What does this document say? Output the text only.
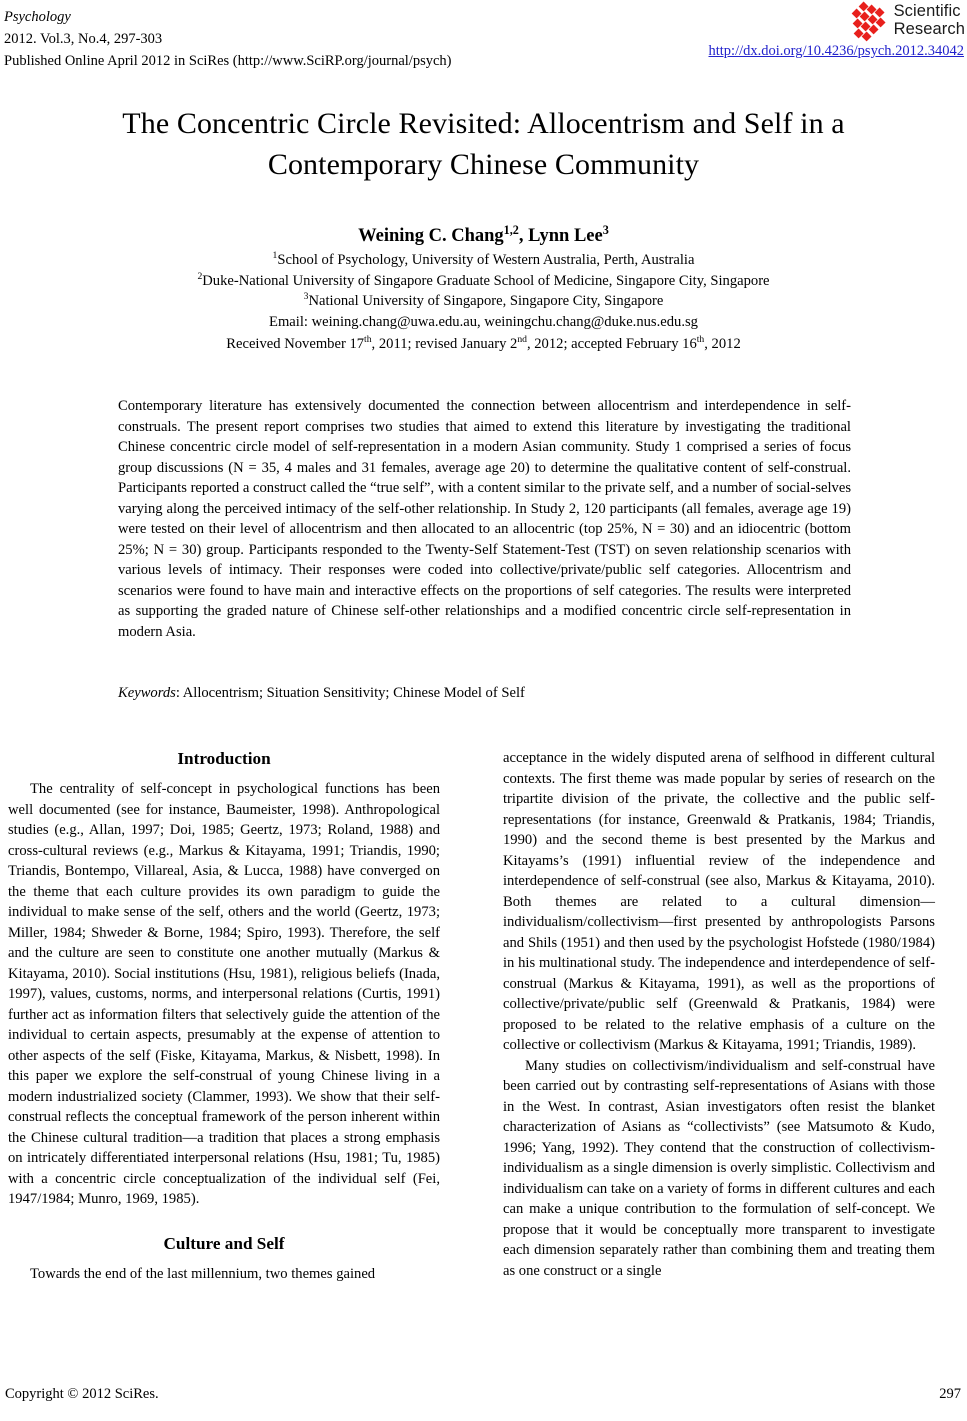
Psychology
2012. Vol.3, No.4, 297-303
Published Online April 2012 in SciRes (http://www.SciRP.org/journal/psych)
Scientific
Research
http://dx.doi.org/10.4236/psych.2012.34042
The Concentric Circle Revisited: Allocentrism and Self in a Contemporary Chinese Community
Weining C. Chang$^{1,2}$, Lynn Lee$^3$
$^1$School of Psychology, University of Western Australia, Perth, Australia
$^2$Duke-National University of Singapore Graduate School of Medicine, Singapore City, Singapore
$^3$National University of Singapore, Singapore City, Singapore
Email: weining.chang@uwa.edu.au, weiningchu.chang@duke.nus.edu.sg
Received November 17th, 2011; revised January 2nd, 2012; accepted February 16th, 2012
Contemporary literature has extensively documented the connection between allocentrism and interdependence in self-construals. The present report comprises two studies that aimed to extend this literature by investigating the traditional Chinese concentric circle model of self-representation in a modern Asian community. Study 1 comprised a series of focus group discussions (N = 35, 4 males and 31 females, average age 20) to determine the qualitative content of self-construal. Participants reported a construct called the “true self”, with a content similar to the private self, and a number of social-selves varying along the perceived intimacy of the self-other relationship. In Study 2, 120 participants (all females, average age 19) were tested on their level of allocentrism and then allocated to an allocentric (top 25%, N = 30) and an idiocentric (bottom 25%; N = 30) group. Participants responded to the Twenty-Self Statement-Test (TST) on seven relationship scenarios with various levels of intimacy. Their responses were coded into collective/private/public self categories. Allocentrism and scenarios were found to have main and interactive effects on the proportions of self categories. The results were interpreted as supporting the graded nature of Chinese self-other relationships and a modified concentric circle self-representation in modern Asia.
Keywords: Allocentrism; Situation Sensitivity; Chinese Model of Self
Introduction

The centrality of self-concept in psychological functions has been well documented (see for instance, Baumeister, 1998). Anthropological studies (e.g., Allan, 1997; Doi, 1985; Geertz, 1973; Roland, 1988) and cross-cultural reviews (e.g., Markus & Kitayama, 1991; Triandis, 1990; Triandis, Bontempo, Villareal, Asia, & Lucca, 1988) have converged on the theme that each culture provides its own paradigm to guide the individual to make sense of the self, others and the world (Geertz, 1973; Miller, 1984; Shweder & Borne, 1984; Spiro, 1993). Therefore, the self and the culture are seen to constitute one another mutually (Markus & Kitayama, 2010). Social institutions (Hsu, 1981), religious beliefs (Inada, 1997), values, customs, norms, and interpersonal relations (Curtis, 1991) further act as information filters that selectively guide the attention of the individual to certain aspects, presumably at the expense of attention to other aspects of the self (Fiske, Kitayama, Markus, & Nisbett, 1998). In this paper we explore the self-construal of young Chinese living in a modern industrialized society (Clammer, 1993). We show that their self-construal reflects the conceptual framework of the person inherent within the Chinese cultural tradition—a tradition that places a strong emphasis on intricately differentiated interpersonal relations (Hsu, 1981; Tu, 1985) with a concentric circle conceptualization of the individual self (Fei, 1947/1984; Munro, 1969, 1985).

Culture and Self

Towards the end of the last millennium, two themes gained

acceptance in the widely disputed arena of selfhood in different cultural contexts. The first theme was made popular by series of research on the tripartite division of the private, the collective and the public self-representations (for instance, Greenwald & Pratkanis, 1984; Triandis, 1990) and the second theme is best presented by the Markus and Kitayams’s (1991) influential review of the independence and interdependence of self-construal (see also, Markus & Kitayama, 2010). Both themes are related to a cultural dimension—individualism/collectivism—first presented by anthropologists Parsons and Shils (1951) and then used by the psychologist Hofstede (1980/1984) in his multinational study. The independence and interdependence of self-construal (Markus & Kitayama, 1991), as well as the proportions of collective/private/public self (Greenwald & Pratkanis, 1984) were proposed to be related to the relative emphasis of a culture on the collective or collectivism (Markus & Kitayama, 1991; Triandis, 1989).

Many studies on collectivism/individualism and self-construal have been carried out by contrasting self-representations of Asians with those in the West. In contrast, Asian investigators often resist the blanket characterization of Asians as “collectivists” (see Matsumoto & Kudo, 1996; Yang, 1992). They contend that the construction of collectivism-individualism as a single dimension is overly simplistic. Collectivism and individualism can take on a variety of forms in different cultures and each can make a unique contribution to the formulation of self-concept. We propose that it would be conceptually more transparent to investigate each dimension separately rather than combining them and treating them as one construct or a single

Copyright © 2012 SciRes.	297
